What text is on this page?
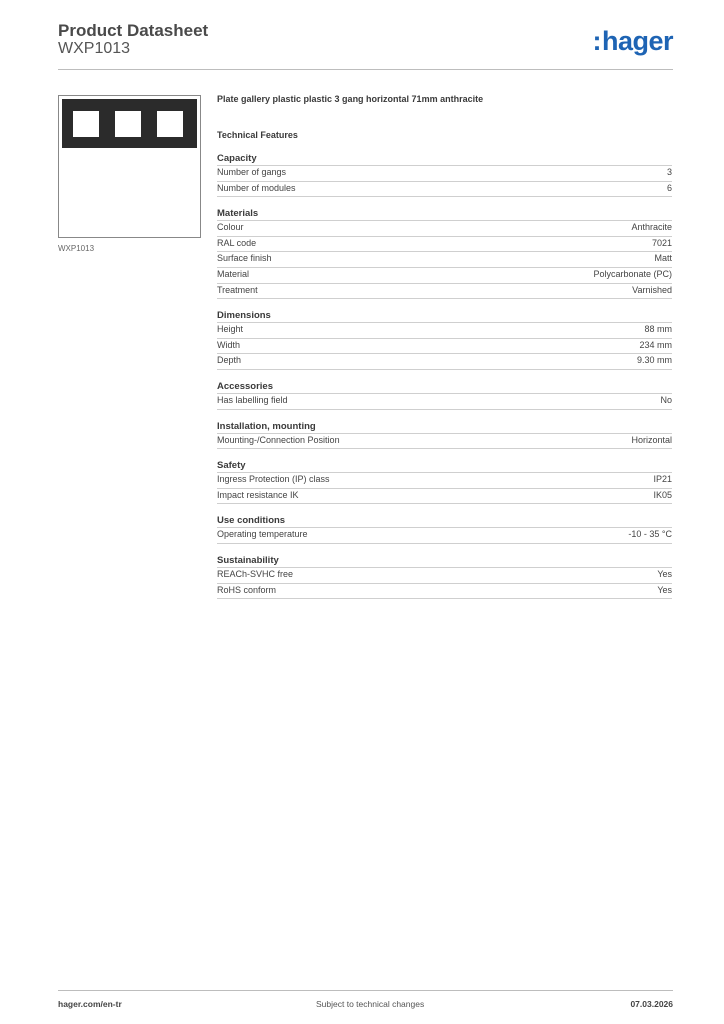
Product Datasheet
WXP1013	:hager
WXP1013
Plate gallery plastic plastic 3 gang horizontal 71mm anthracite
Technical Features
Capacity
Number of gangs	3
Number of modules	6
Materials
Colour	Anthracite
RAL code	7021
Surface finish	Matt
Material	Polycarbonate (PC)
Treatment	Varnished
Dimensions
Height	88 mm
Width	234 mm
Depth	9.30 mm
Accessories
Has labelling field	No
Installation, mounting
Mounting-/Connection Position	Horizontal
Safety
Ingress Protection (IP) class	IP21
Impact resistance IK	IK05
Use conditions
Operating temperature	-10 - 35 °C
Sustainability
REACh-SVHC free	Yes
RoHS conform	Yes
hager.com/en-tr	Subject to technical changes	07.03.2026
